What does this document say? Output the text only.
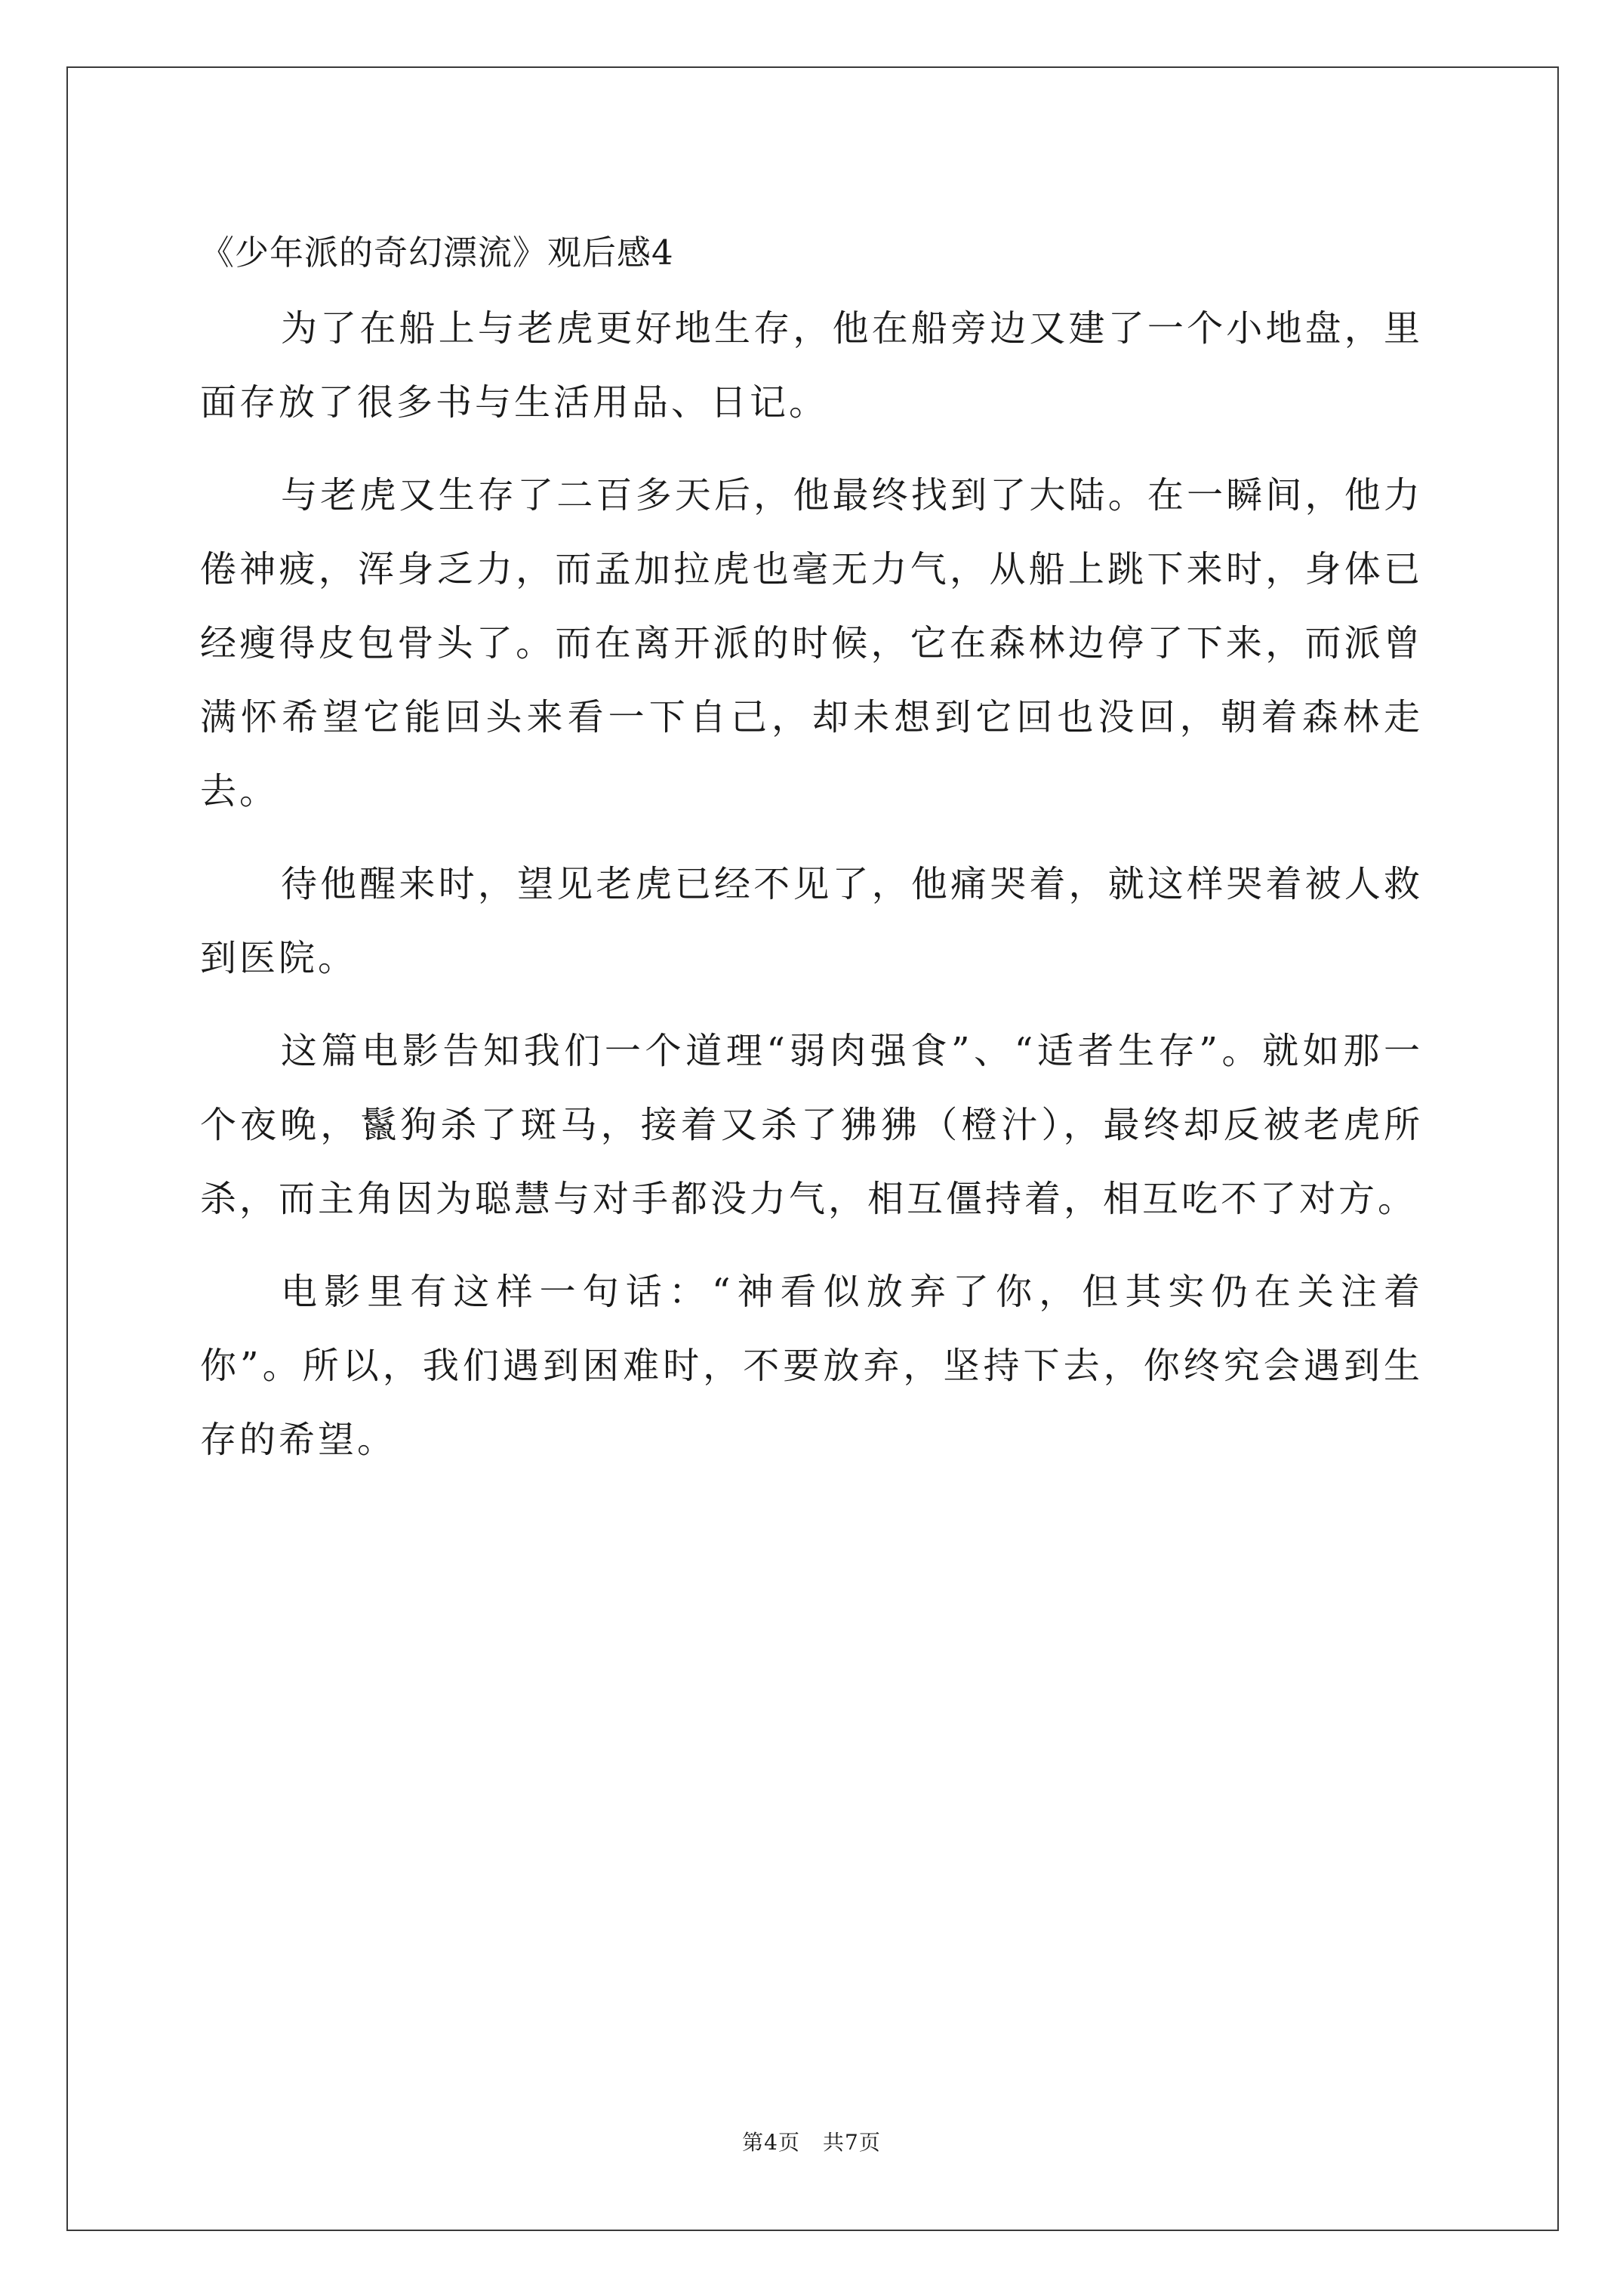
《少年派的奇幻漂流》观后感4

为了在船上与老虎更好地生存，他在船旁边又建了一个小地盘，里面存放了很多书与生活用品、日记。

与老虎又生存了二百多天后，他最终找到了大陆。在一瞬间，他力倦神疲，浑身乏力，而孟加拉虎也毫无力气，从船上跳下来时，身体已经瘦得皮包骨头了。而在离开派的时候，它在森林边停了下来，而派曾满怀希望它能回头来看一下自己，却未想到它回也没回，朝着森林走去。

待他醒来时，望见老虎已经不见了，他痛哭着，就这样哭着被人救到医院。

这篇电影告知我们一个道理“弱肉强食”、“适者生存”。就如那一个夜晚，鬣狗杀了斑马，接着又杀了狒狒（橙汁），最终却反被老虎所杀，而主角因为聪慧与对手都没力气，相互僵持着，相互吃不了对方。

电影里有这样一句话：“神看似放弃了你，但其实仍在关注着你”。所以，我们遇到困难时，不要放弃，坚持下去，你终究会遇到生存的希望。

第4页 共7页
